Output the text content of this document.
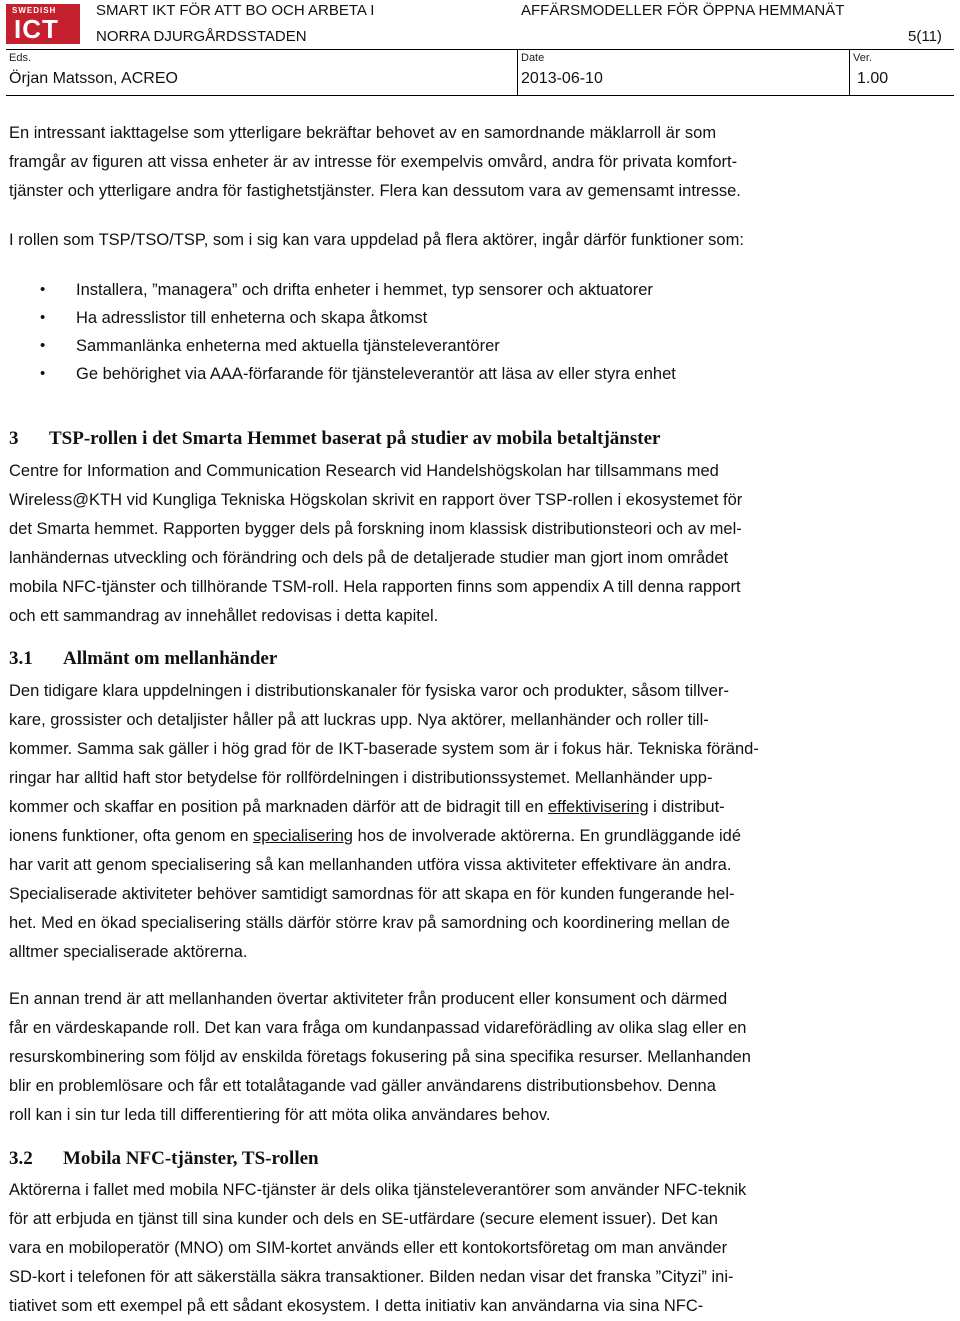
SWEDISH
ICT
SMART IKT FÖR ATT BO OCH ARBETA I
NORRA DJURGÅRDSSTADEN
AFFÄRSMODELLER FÖR ÖPPNA HEMMANÄT
5(11)
Eds.	Date	Ver.
Örjan Matsson, ACREO	2013-06-10	1.00
En intressant iakttagelse som ytterligare bekräftar behovet av en samordnande mäklarroll är som
framgår av figuren att vissa enheter är av intresse för exempelvis omvård, andra för privata komfort-
tjänster och ytterligare andra för fastighetstjänster. Flera kan dessutom vara av gemensamt intresse.
I rollen som TSP/TSO/TSP, som i sig kan vara uppdelad på flera aktörer, ingår därför funktioner som:
• Installera, ”managera” och drifta enheter i hemmet, typ sensorer och aktuatorer
• Ha adresslistor till enheterna och skapa åtkomst
• Sammanlänka enheterna med aktuella tjänsteleverantörer
• Ge behörighet via AAA-förfarande för tjänsteleverantör att läsa av eller styra enhet
3 TSP-rollen i det Smarta Hemmet baserat på studier av mobila betaltjänster
Centre for Information and Communication Research vid Handelshögskolan har tillsammans med
Wireless@KTH vid Kungliga Tekniska Högskolan skrivit en rapport över TSP-rollen i ekosystemet för
det Smarta hemmet. Rapporten bygger dels på forskning inom klassisk distributionsteori och av mel-
lanhändernas utveckling och förändring och dels på de detaljerade studier man gjort inom området
mobila NFC-tjänster och tillhörande TSM-roll. Hela rapporten finns som appendix A till denna rapport
och ett sammandrag av innehållet redovisas i detta kapitel.
3.1 Allmänt om mellanhänder
Den tidigare klara uppdelningen i distributionskanaler för fysiska varor och produkter, såsom tillver-
kare, grossister och detaljister håller på att luckras upp. Nya aktörer, mellanhänder och roller till-
kommer. Samma sak gäller i hög grad för de IKT-baserade system som är i fokus här. Tekniska föränd-
ringar har alltid haft stor betydelse för rollfördelningen i distributionssystemet. Mellanhänder upp-
kommer och skaffar en position på marknaden därför att de bidragit till en effektivisering i distribut-
ionens funktioner, ofta genom en specialisering hos de involverade aktörerna. En grundläggande idé
har varit att genom specialisering så kan mellanhanden utföra vissa aktiviteter effektivare än andra.
Specialiserade aktiviteter behöver samtidigt samordnas för att skapa en för kunden fungerande hel-
het. Med en ökad specialisering ställs därför större krav på samordning och koordinering mellan de
alltmer specialiserade aktörerna.
En annan trend är att mellanhanden övertar aktiviteter från producent eller konsument och därmed
får en värdeskapande roll. Det kan vara fråga om kundanpassad vidareförädling av olika slag eller en
resurskombinering som följd av enskilda företags fokusering på sina specifika resurser. Mellanhanden
blir en problemlösare och får ett totalåtagande vad gäller användarens distributionsbehov. Denna
roll kan i sin tur leda till differentiering för att möta olika användares behov.
3.2 Mobila NFC-tjänster, TS-rollen
Aktörerna i fallet med mobila NFC-tjänster är dels olika tjänsteleverantörer som använder NFC-teknik
för att erbjuda en tjänst till sina kunder och dels en SE-utfärdare (secure element issuer). Det kan
vara en mobiloperatör (MNO) om SIM-kortet används eller ett kontokortsföretag om man använder
SD-kort i telefonen för att säkerställa säkra transaktioner. Bilden nedan visar det franska ”Cityzi” ini-
tiativet som ett exempel på ett sådant ekosystem. I detta initiativ kan användarna via sina NFC-
